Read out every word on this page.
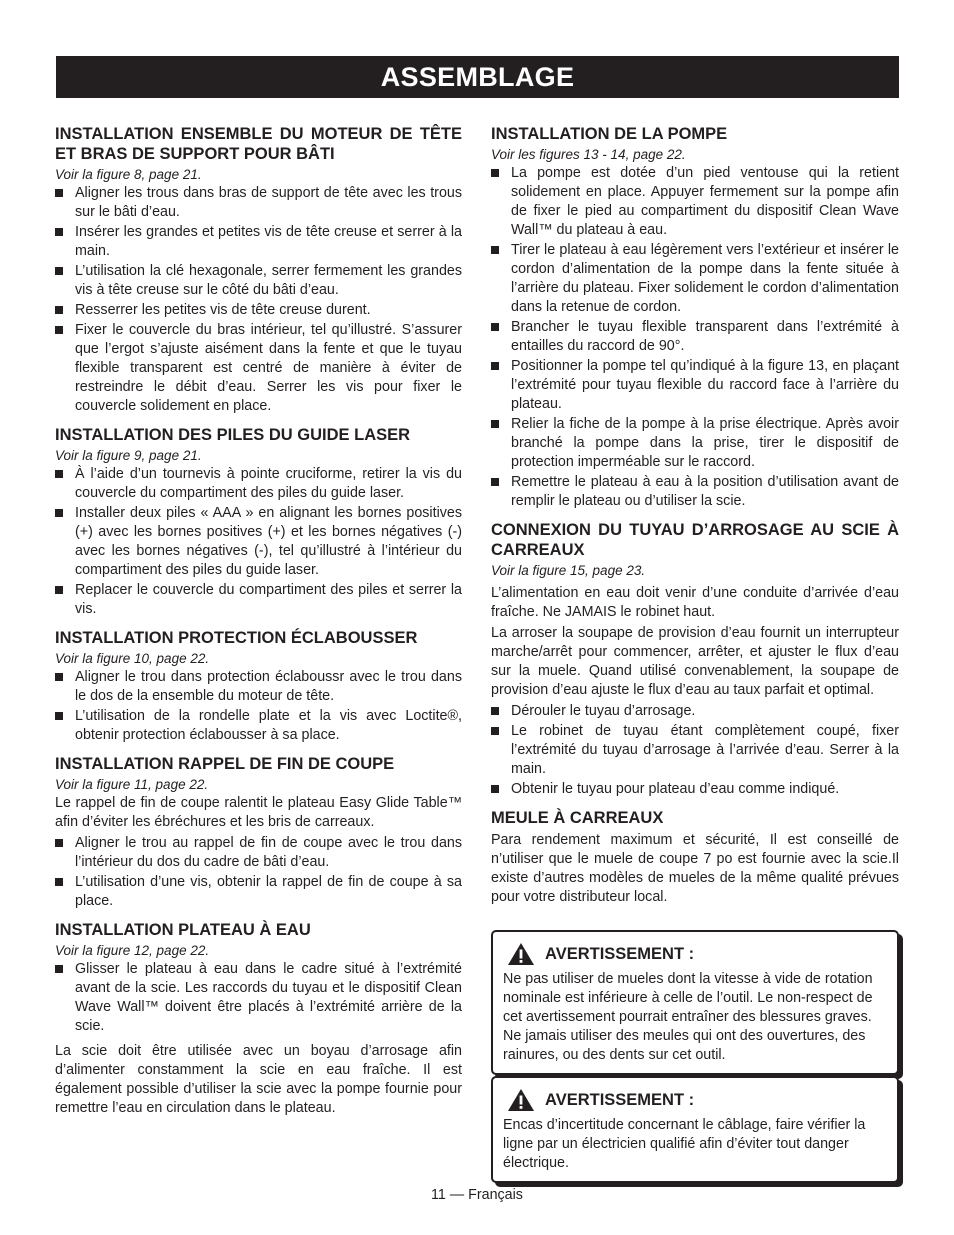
ASSEMBLAGE
INSTALLATION ENSEMBLE DU MOTEUR DE TÊTE ET BRAS DE SUPPORT POUR BÂTI
Voir la figure 8, page 21.
Aligner les trous dans bras de support de tête avec les trous sur le bâti d’eau.
Insérer les grandes et petites vis de tête creuse et serrer à la main.
L’utilisation la clé hexagonale, serrer fermement les grandes vis à tête creuse sur le côté du bâti d’eau.
Resserrer les petites vis de tête creuse durent.
Fixer le couvercle du bras intérieur, tel qu’illustré. S’assurer que l’ergot s’ajuste aisément dans la fente et que le tuyau flexible transparent est centré de manière à éviter de restreindre le débit d’eau. Serrer les vis pour fixer le couvercle solidement en place.
INSTALLATION DES PILES DU GUIDE LASER
Voir la figure 9, page 21.
À l’aide d’un tournevis à pointe cruciforme, retirer la vis du couvercle du compartiment des piles du guide laser.
Installer deux piles « AAA » en alignant les bornes positives (+) avec les bornes positives (+) et les bornes négatives (-) avec les bornes négatives (-), tel qu’illustré à l’intérieur du compartiment des piles du guide laser.
Replacer le couvercle du compartiment des piles et serrer la vis.
INSTALLATION PROTECTION ÉCLABOUSSER
Voir la figure 10, page 22.
Aligner le trou dans protection éclaboussr avec le trou dans le dos de la ensemble du moteur de tête.
L’utilisation de la rondelle plate et la vis avec Loctite®, obtenir protection éclabousser à sa place.
INSTALLATION RAPPEL DE FIN DE COUPE
Voir la figure 11, page 22.

Le rappel de fin de coupe ralentit le plateau Easy Glide Table™ afin d’éviter les ébréchures et les bris de carreaux.

Aligner le trou au rappel de fin de coupe avec le trou dans l’intérieur du dos du cadre de bâti d’eau.
L’utilisation d’une vis, obtenir la rappel de fin de coupe à sa place.
INSTALLATION PLATEAU À EAU
Voir la figure 12, page 22.
Glisser le plateau à eau dans le cadre situé à l’extrémité avant de la scie. Les raccords du tuyau et le dispositif Clean Wave Wall™ doivent être placés à l’extrémité arrière de la scie.

La scie doit être utilisée avec un boyau d’arrosage afin d’alimenter constamment la scie en eau fraîche. Il est également possible d’utiliser la scie avec la pompe fournie pour remettre l’eau en circulation dans le plateau.

INSTALLATION DE LA POMPE
Voir les figures 13 - 14, page 22.
La pompe est dotée d’un pied ventouse qui la retient solidement en place. Appuyer fermement sur la pompe afin de fixer le pied au compartiment du dispositif Clean Wave Wall™ du plateau à eau.
Tirer le plateau à eau légèrement vers l’extérieur et insérer le cordon d’alimentation de la pompe dans la fente située à l’arrière du plateau. Fixer solidement le cordon d’alimentation dans la retenue de cordon.
Brancher le tuyau flexible transparent dans l’extrémité à entailles du raccord de 90°.
Positionner la pompe tel qu’indiqué à la figure 13, en plaçant l’extrémité pour tuyau flexible du raccord face à l’arrière du plateau.
Relier la fiche de la pompe à la prise électrique. Après avoir branché la pompe dans la prise, tirer le dispositif de protection imperméable sur le raccord.
Remettre le plateau à eau à la position d’utilisation avant de remplir le plateau ou d’utiliser la scie.
CONNEXION DU TUYAU D’ARROSAGE AU SCIE À CARREAUX
Voir la figure 15, page 23.

L’alimentation en eau doit venir d’une conduite d’arrivée d’eau fraîche. Ne JAMAIS le robinet haut.

La arroser la soupape de provision d’eau fournit un interrupteur marche/arrêt pour commencer, arrêter, et ajuster le flux d’eau sur la muele. Quand utilisé convenablement, la soupape de provision d’eau ajuste le flux d’eau au taux parfait et optimal.

Dérouler le tuyau d’arrosage.
Le robinet de tuyau étant complètement coupé, fixer l’extrémité du tuyau d’arrosage à l’arrivée d’eau. Serrer à la main.
Obtenir le tuyau pour plateau d’eau comme indiqué.
MEULE À CARREAUX

Para rendement maximum et sécurité, Il est conseillé de n’utiliser que le muele de coupe 7 po est fournie avec la scie.Il existe d’autres modèles de mueles de la même qualité prévues pour votre distributeur local.

AVERTISSEMENT :
Ne pas utiliser de mueles dont la vitesse à vide de rotation nominale est inférieure à celle de l’outil. Le non-respect de cet avertissement pourrait entraîner des blessures graves. Ne jamais utiliser des meules qui ont des ouvertures, des rainures, ou des dents sur cet outil.
AVERTISSEMENT :
Encas d’incertitude concernant le câblage, faire vérifier la ligne par un électricien qualifié afin d’éviter tout danger électrique.
11 — Français
